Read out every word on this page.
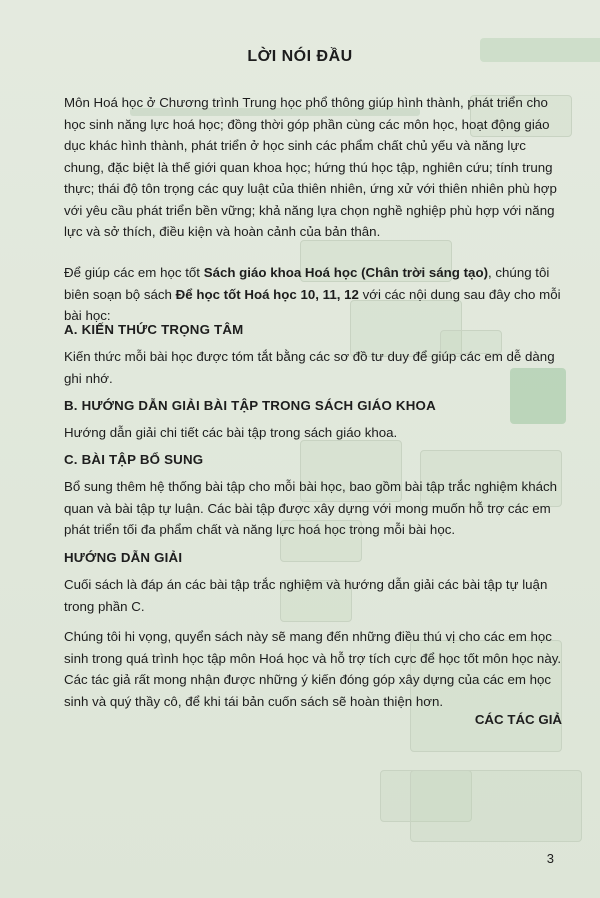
LỜI NÓI ĐẦU

Môn Hoá học ở Chương trình Trung học phổ thông giúp hình thành, phát triển cho học sinh năng lực hoá học; đồng thời góp phần cùng các môn học, hoạt động giáo dục khác hình thành, phát triển ở học sinh các phẩm chất chủ yếu và năng lực chung, đặc biệt là thế giới quan khoa học; hứng thú học tập, nghiên cứu; tính trung thực; thái độ tôn trọng các quy luật của thiên nhiên, ứng xử với thiên nhiên phù hợp với yêu cầu phát triển bền vững; khả năng lựa chọn nghề nghiệp phù hợp với năng lực và sở thích, điều kiện và hoàn cảnh của bản thân.

Để giúp các em học tốt Sách giáo khoa Hoá học (Chân trời sáng tạo), chúng tôi biên soạn bộ sách Để học tốt Hoá học 10, 11, 12 với các nội dung sau đây cho mỗi bài học:

A. KIẾN THỨC TRỌNG TÂM

Kiến thức mỗi bài học được tóm tắt bằng các sơ đồ tư duy để giúp các em dễ dàng ghi nhớ.

B. HƯỚNG DẪN GIẢI BÀI TẬP TRONG SÁCH GIÁO KHOA

Hướng dẫn giải chi tiết các bài tập trong sách giáo khoa.

C. BÀI TẬP BỔ SUNG

Bổ sung thêm hệ thống bài tập cho mỗi bài học, bao gồm bài tập trắc nghiệm khách quan và bài tập tự luận. Các bài tập được xây dựng với mong muốn hỗ trợ các em phát triển tối đa phẩm chất và năng lực hoá học trong mỗi bài học.

HƯỚNG DẪN GIẢI

Cuối sách là đáp án các bài tập trắc nghiệm và hướng dẫn giải các bài tập tự luận trong phần C.

Chúng tôi hi vọng, quyển sách này sẽ mang đến những điều thú vị cho các em học sinh trong quá trình học tập môn Hoá học và hỗ trợ tích cực để học tốt môn học này. Các tác giả rất mong nhận được những ý kiến đóng góp xây dựng của các em học sinh và quý thầy cô, để khi tái bản cuốn sách sẽ hoàn thiện hơn.

CÁC TÁC GIẢ
3
